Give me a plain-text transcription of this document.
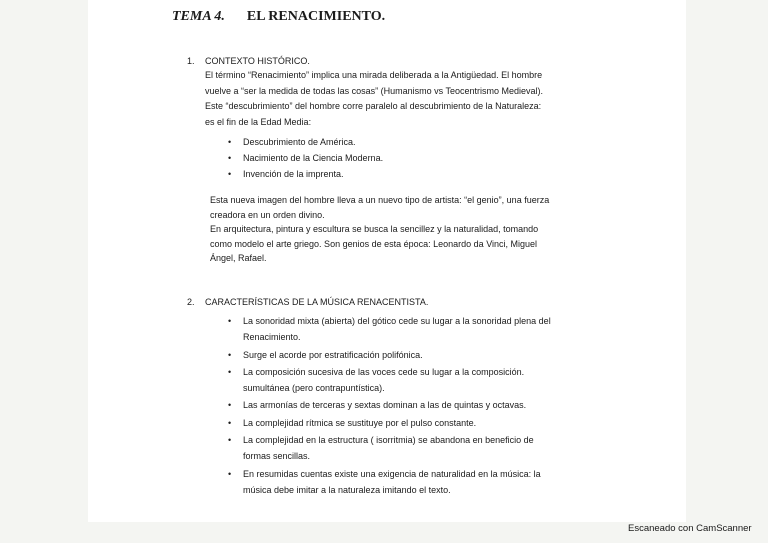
TEMA 4. EL RENACIMIENTO.
1. CONTEXTO HISTÓRICO.
El término “Renacimiento” implica una mirada deliberada a la Antigüedad. El hombre
vuelve a “ser la medida de todas las cosas” (Humanismo vs Teocentrismo Medieval).
Este “descubrimiento” del hombre corre paralelo al descubrimiento de la Naturaleza:
es el fin de la Edad Media:
• Descubrimiento de América.
• Nacimiento de la Ciencia Moderna.
• Invención de la imprenta.
Esta nueva imagen del hombre lleva a un nuevo tipo de artista: “el genio”, una fuerza
creadora en un orden divino.
En arquitectura, pintura y escultura se busca la sencillez y la naturalidad, tomando
como modelo el arte griego. Son genios de esta época: Leonardo da Vinci, Miguel
Ángel, Rafael.
2. CARACTERÍSTICAS DE LA MÚSICA RENACENTISTA.
• La sonoridad mixta (abierta) del gótico cede su lugar a la sonoridad plena del
Renacimiento.
• Surge el acorde por estratificación polifónica.
• La composición sucesiva de las voces cede su lugar a la composición.
sumultánea (pero contrapuntística).
• Las armonías de terceras y sextas dominan a las de quintas y octavas.
• La complejidad rítmica se sustituye por el pulso constante.
• La complejidad en la estructura ( isorritmia) se abandona en beneficio de
formas sencillas.
• En resumidas cuentas existe una exigencia de naturalidad en la música: la
música debe imitar a la naturaleza imitando el texto.
Escaneado con CamScanner
